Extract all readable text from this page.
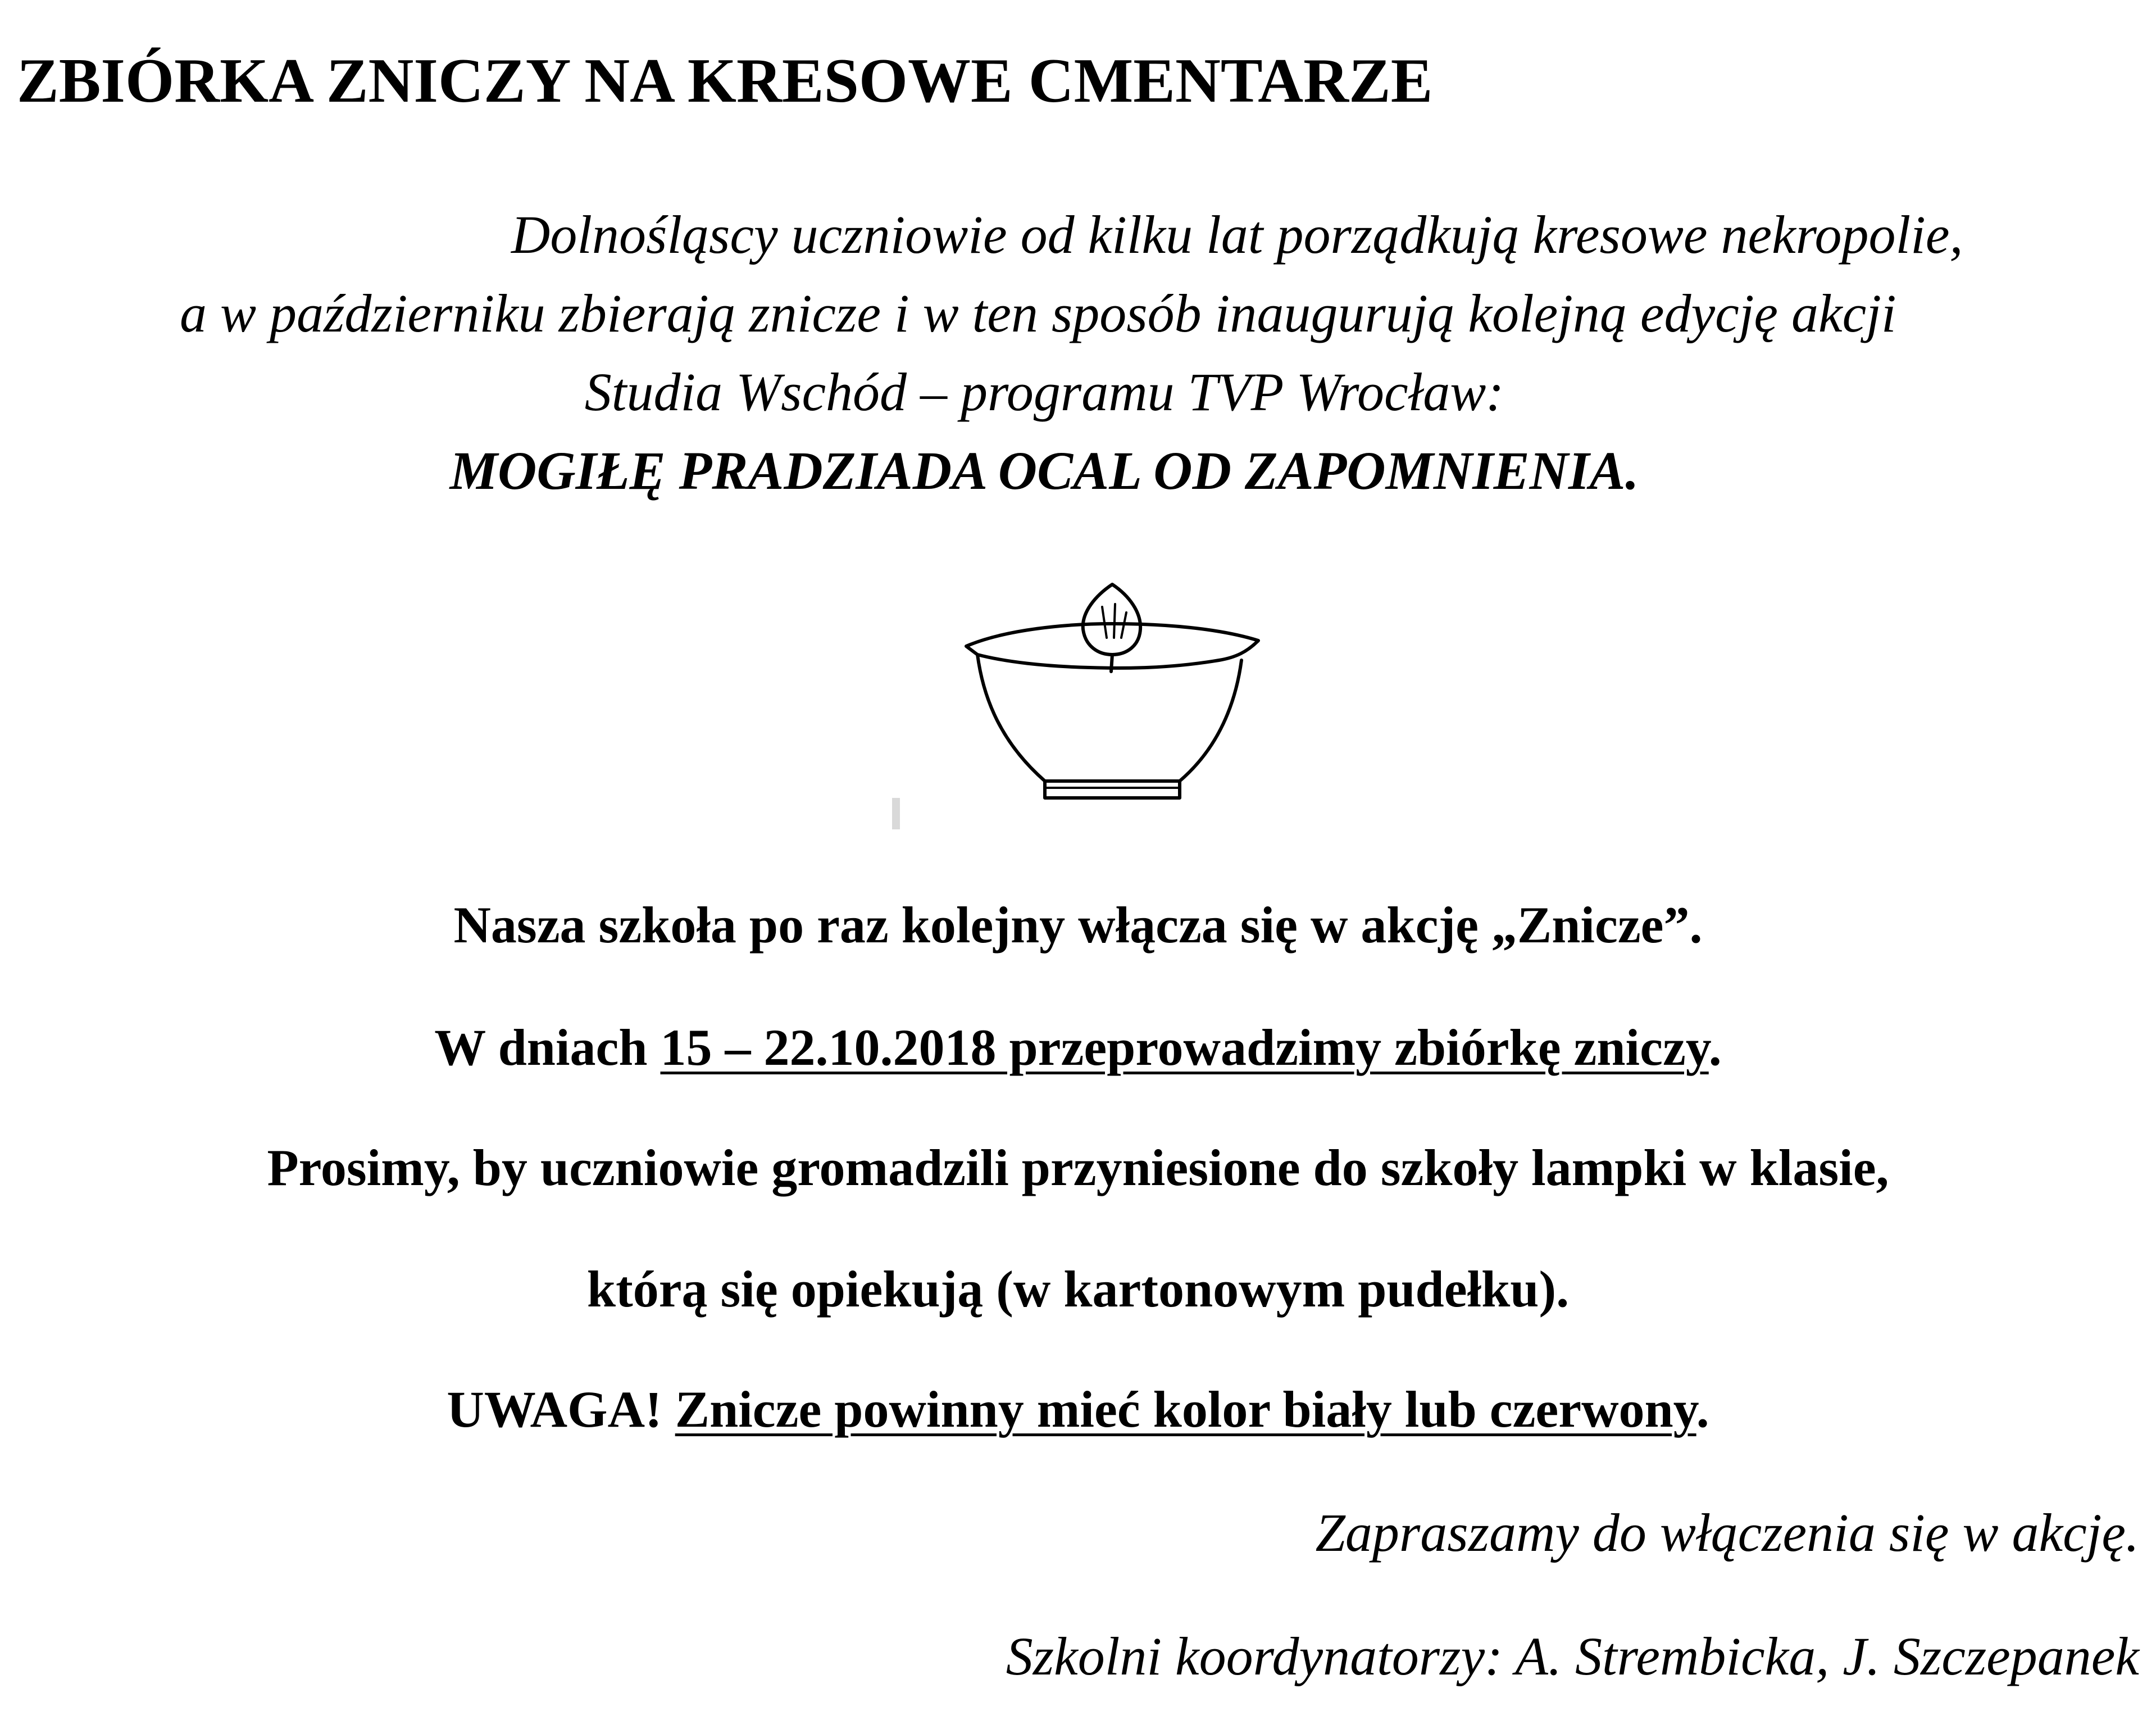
ZBIÓRKA ZNICZY NA KRESOWE CMENTARZE
Dolnośląscy uczniowie od kilku lat porządkują kresowe nekropolie,
a w październiku zbierają znicze i w ten sposób inaugurują kolejną edycję akcji
Studia Wschód – programu TVP Wrocław:
MOGIŁĘ PRADZIADA OCAL OD ZAPOMNIENIA.
Nasza szkoła po raz kolejny włącza się w akcję „Znicze”.
W dniach 15 – 22.10.2018 przeprowadzimy zbiórkę zniczy.
Prosimy, by uczniowie gromadzili przyniesione do szkoły lampki w klasie,
którą się opiekują (w kartonowym pudełku).
UWAGA! Znicze powinny mieć kolor biały lub czerwony.
Zapraszamy do włączenia się w akcję.
Szkolni koordynatorzy: A. Strembicka, J. Szczepanek
